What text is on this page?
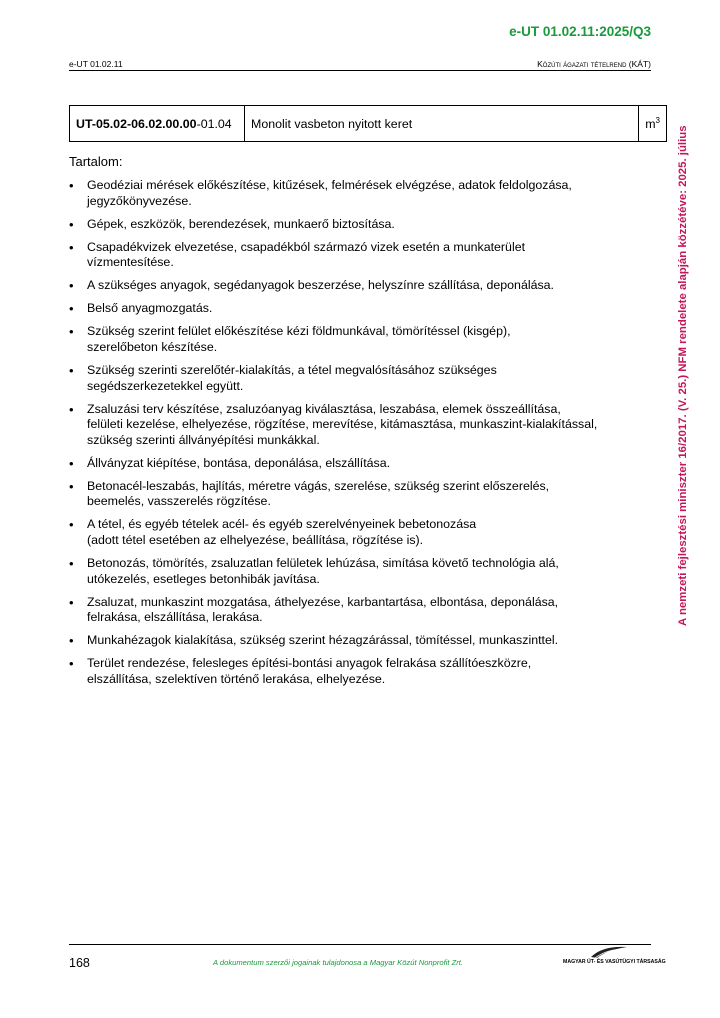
e-UT 01.02.11:2025/Q3
e-UT 01.02.11	Közúti ágazati tételrend (KÁT)
UT-05.02-06.02.00.00-01.04	Monolit vasbeton nyitott keret	$m^3$
Tartalom:
• Geodéziai mérések előkészítése, kitűzések, felmérések elvégzése, adatok feldolgozása,
jegyzőkönyvezése.
• Gépek, eszközök, berendezések, munkaerő biztosítása.
• Csapadékvizek elvezetése, csapadékból származó vizek esetén a munkaterület
vízmentesítése.
• A szükséges anyagok, segédanyagok beszerzése, helyszínre szállítása, deponálása.
• Belső anyagmozgatás.
• Szükség szerint felület előkészítése kézi földmunkával, tömörítéssel (kisgép),
szerelőbeton készítése.
• Szükség szerinti szerelőtér-kialakítás, a tétel megvalósításához szükséges
segédszerkezetekkel együtt.
• Zsaluzási terv készítése, zsaluzóanyag kiválasztása, leszabása, elemek összeállítása,
felületi kezelése, elhelyezése, rögzítése, merevítése, kitámasztása, munkaszint-kialakítással,
szükség szerinti állványépítési munkákkal.
• Állványzat kiépítése, bontása, deponálása, elszállítása.
• Betonacél-leszabás, hajlítás, méretre vágás, szerelése, szükség szerint előszerelés,
beemelés, vasszerelés rögzítése.
• A tétel, és egyéb tételek acél- és egyéb szerelvényeinek bebetonozása
(adott tétel esetében az elhelyezése, beállítása, rögzítése is).
• Betonozás, tömörítés, zsaluzatlan felületek lehúzása, simítása követő technológia alá,
utókezelés, esetleges betonhibák javítása.
• Zsaluzat, munkaszint mozgatása, áthelyezése, karbantartása, elbontása, deponálása,
felrakása, elszállítása, lerakása.
• Munkahézagok kialakítása, szükség szerint hézagzárással, tömítéssel, munkaszinttel.
• Terület rendezése, felesleges építési-bontási anyagok felrakása szállítóeszközre,
elszállítása, szelektíven történő lerakása, elhelyezése.
A nemzeti fejlesztési miniszter 16/2017. (V. 25.) NFM rendelete alapján közzétéve: 2025. július
168	A dokumentum szerzői jogainak tulajdonosa a Magyar Közút Nonprofit Zrt.	MAGYAR ÚT- ÉS VASÚTÜGYI TÁRSASÁG
